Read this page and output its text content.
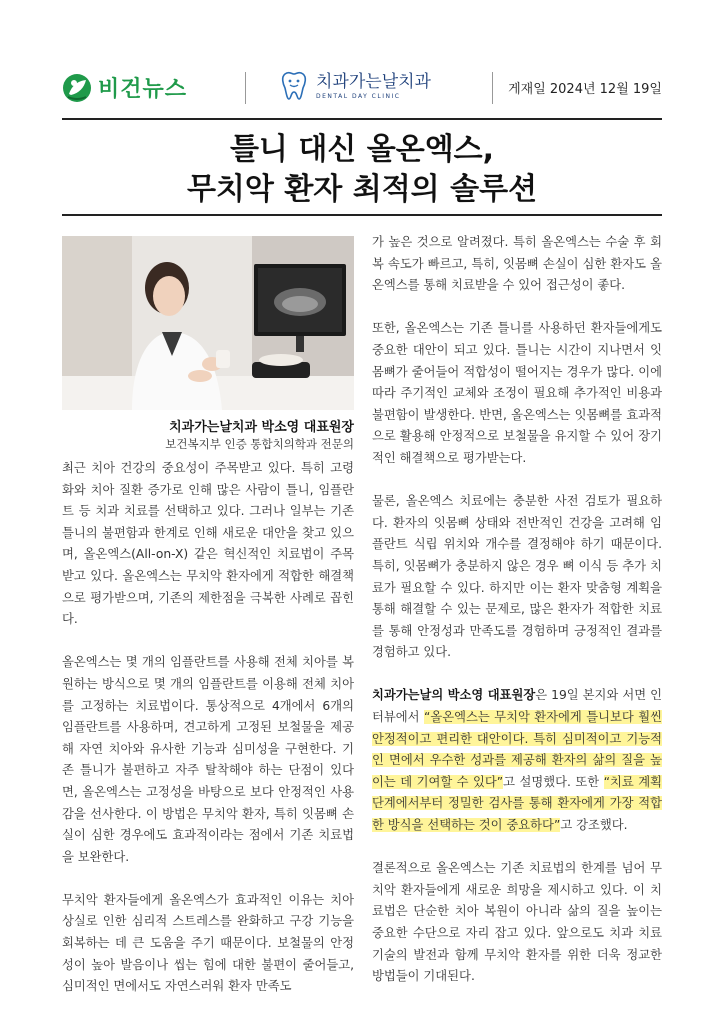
비건뉴스	치과가는날치과
DENTAL DAY CLINIC	게재일 2024년 12월 19일
틀니 대신 올온엑스,
무치악 환자 최적의 솔루션
치과가는날치과 박소영 대표원장
보건복지부 인증 통합치의학과 전문의

최근 치아 건강의 중요성이 주목받고 있다. 특히 고령화와 치아 질환 증가로 인해 많은 사람이 틀니, 임플란트 등 치과 치료를 선택하고 있다. 그러나 일부는 기존 틀니의 불편함과 한계로 인해 새로운 대안을 찾고 있으며, 올온엑스(All-on-X) 같은 혁신적인 치료법이 주목받고 있다. 올온엑스는 무치악 환자에게 적합한 해결책으로 평가받으며, 기존의 제한점을 극복한 사례로 꼽힌다.

올온엑스는 몇 개의 임플란트를 사용해 전체 치아를 복원하는 방식으로 몇 개의 임플란트를 이용해 전체 치아를 고정하는 치료법이다. 통상적으로 4개에서 6개의 임플란트를 사용하며, 견고하게 고정된 보철물을 제공해 자연 치아와 유사한 기능과 심미성을 구현한다. 기존 틀니가 불편하고 자주 탈착해야 하는 단점이 있다면, 올온엑스는 고정성을 바탕으로 보다 안정적인 사용감을 선사한다. 이 방법은 무치악 환자, 특히 잇몸뼈 손실이 심한 경우에도 효과적이라는 점에서 기존 치료법을 보완한다.

무치악 환자들에게 올온엑스가 효과적인 이유는 치아 상실로 인한 심리적 스트레스를 완화하고 구강 기능을 회복하는 데 큰 도움을 주기 때문이다. 보철물의 안정성이 높아 발음이나 씹는 힘에 대한 불편이 줄어들고, 심미적인 면에서도 자연스러워 환자 만족도

가 높은 것으로 알려졌다. 특히 올온엑스는 수술 후 회복 속도가 빠르고, 특히, 잇몸뼈 손실이 심한 환자도 올온엑스를 통해 치료받을 수 있어 접근성이 좋다.

또한, 올온엑스는 기존 틀니를 사용하던 환자들에게도 중요한 대안이 되고 있다. 틀니는 시간이 지나면서 잇몸뼈가 줄어들어 적합성이 떨어지는 경우가 많다. 이에 따라 주기적인 교체와 조정이 필요해 추가적인 비용과 불편함이 발생한다. 반면, 올온엑스는 잇몸뼈를 효과적으로 활용해 안정적으로 보철물을 유지할 수 있어 장기적인 해결책으로 평가받는다.

물론, 올온엑스 치료에는 충분한 사전 검토가 필요하다. 환자의 잇몸뼈 상태와 전반적인 건강을 고려해 임플란트 식립 위치와 개수를 결정해야 하기 때문이다. 특히, 잇몸뼈가 충분하지 않은 경우 뼈 이식 등 추가 치료가 필요할 수 있다. 하지만 이는 환자 맞춤형 계획을 통해 해결할 수 있는 문제로, 많은 환자가 적합한 치료를 통해 안정성과 만족도를 경험하며 긍정적인 결과를 경험하고 있다.

치과가는날의 박소영 대표원장은 19일 본지와 서면 인터뷰에서 “올온엑스는 무치악 환자에게 틀니보다 훨씬 안정적이고 편리한 대안이다. 특히 심미적이고 기능적인 면에서 우수한 성과를 제공해 환자의 삶의 질을 높이는 데 기여할 수 있다”고 설명했다. 또한 “치료 계획 단계에서부터 정밀한 검사를 통해 환자에게 가장 적합한 방식을 선택하는 것이 중요하다”고 강조했다.

결론적으로 올온엑스는 기존 치료법의 한계를 넘어 무치악 환자들에게 새로운 희망을 제시하고 있다. 이 치료법은 단순한 치아 복원이 아니라 삶의 질을 높이는 중요한 수단으로 자리 잡고 있다. 앞으로도 치과 치료 기술의 발전과 함께 무치악 환자를 위한 더욱 정교한 방법들이 기대된다.
